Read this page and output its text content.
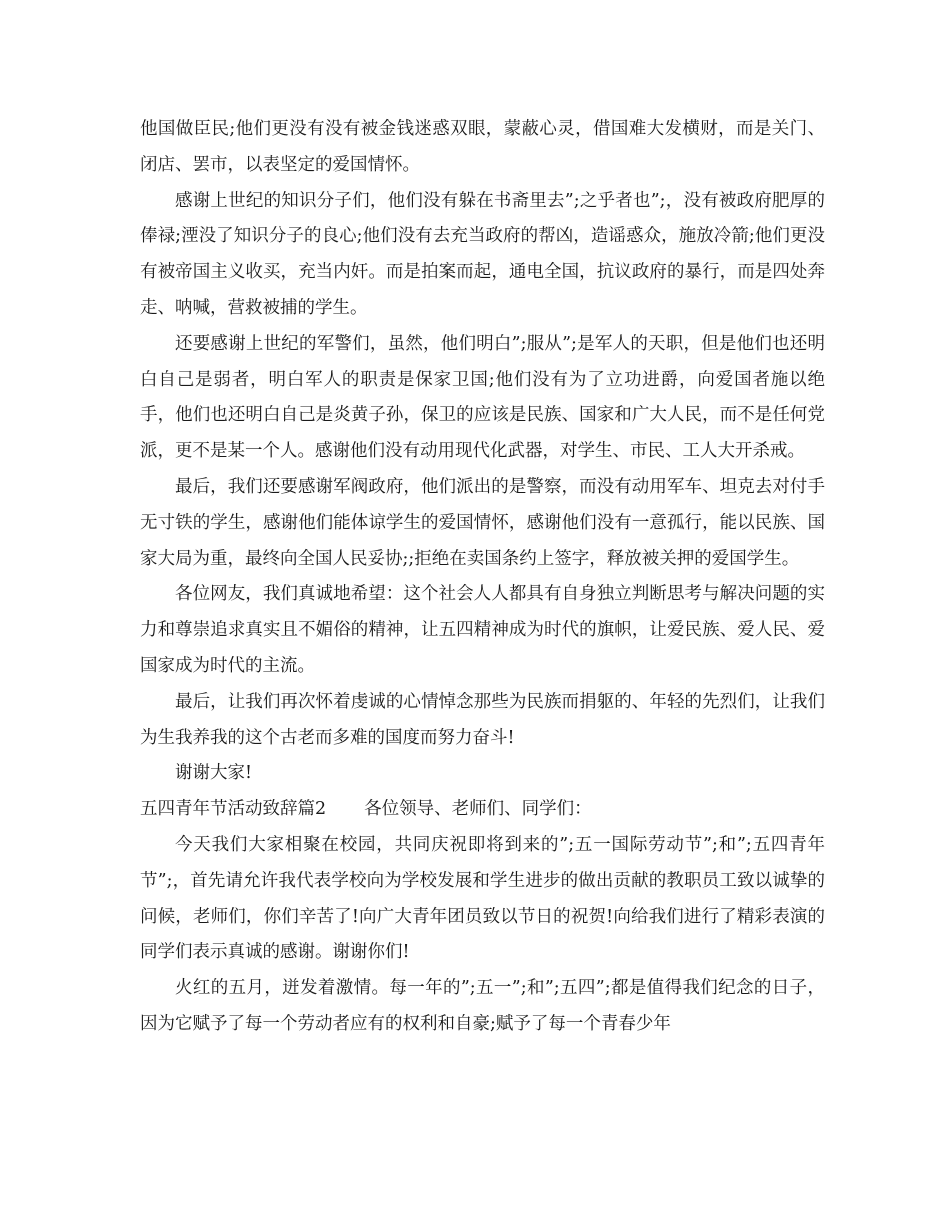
他国做臣民;他们更没有没有被金钱迷惑双眼，蒙蔽心灵，借国难大发横财，而是关门、闭店、罢市，以表坚定的爱国情怀。

感谢上世纪的知识分子们，他们没有躲在书斋里去”;之乎者也”;，没有被政府肥厚的俸禄;湮没了知识分子的良心;他们没有去充当政府的帮凶，造谣惑众，施放冷箭;他们更没有被帝国主义收买，充当内奸。而是拍案而起，通电全国，抗议政府的暴行，而是四处奔走、呐喊，营救被捕的学生。

还要感谢上世纪的军警们，虽然，他们明白”;服从”;是军人的天职，但是他们也还明白自己是弱者，明白军人的职责是保家卫国;他们没有为了立功进爵，向爱国者施以绝手，他们也还明白自己是炎黄子孙，保卫的应该是民族、国家和广大人民，而不是任何党派，更不是某一个人。感谢他们没有动用现代化武器，对学生、市民、工人大开杀戒。

最后，我们还要感谢军阀政府，他们派出的是警察，而没有动用军车、坦克去对付手无寸铁的学生，感谢他们能体谅学生的爱国情怀，感谢他们没有一意孤行，能以民族、国家大局为重，最终向全国人民妥协;;拒绝在卖国条约上签字，释放被关押的爱国学生。

各位网友，我们真诚地希望：这个社会人人都具有自身独立判断思考与解决问题的实力和尊崇追求真实且不媚俗的精神，让五四精神成为时代的旗帜，让爱民族、爱人民、爱国家成为时代的主流。

最后，让我们再次怀着虔诚的心情悼念那些为民族而捐躯的、年轻的先烈们，让我们为生我养我的这个古老而多难的国度而努力奋斗!

谢谢大家!

五四青年节活动致辞篇2 各位领导、老师们、同学们：

今天我们大家相聚在校园，共同庆祝即将到来的”;五一国际劳动节”;和”;五四青年节”;，首先请允许我代表学校向为学校发展和学生进步的做出贡献的教职员工致以诚挚的问候，老师们，你们辛苦了!向广大青年团员致以节日的祝贺!向给我们进行了精彩表演的同学们表示真诚的感谢。谢谢你们!

火红的五月，迸发着激情。每一年的”;五一”;和”;五四”;都是值得我们纪念的日子，因为它赋予了每一个劳动者应有的权利和自豪;赋予了每一个青春少年
